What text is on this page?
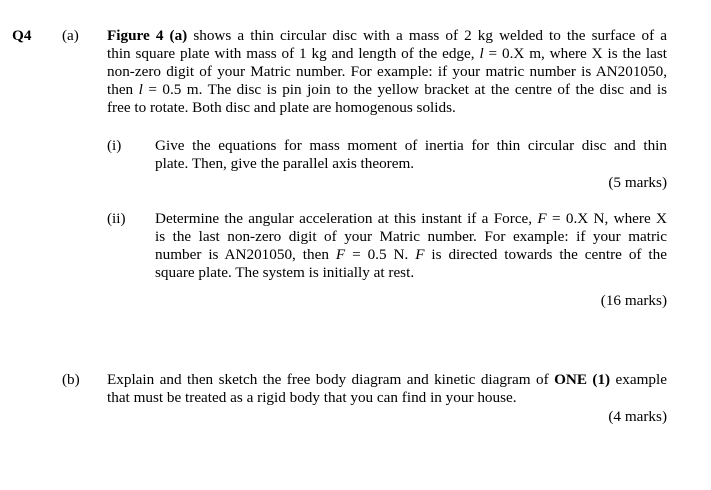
Q4 (a) Figure 4 (a) shows a thin circular disc with a mass of 2 kg welded to the surface of a
thin square plate with mass of 1 kg and length of the edge, l = 0.X m, where X is the last
non-zero digit of your Matric number. For example: if your matric number is AN201050,
then l = 0.5 m. The disc is pin join to the yellow bracket at the centre of the disc and is
free to rotate. Both disc and plate are homogenous solids.
(i) Give the equations for mass moment of inertia for thin circular disc and thin
plate. Then, give the parallel axis theorem.
(5 marks)
(ii) Determine the angular acceleration at this instant if a Force, F = 0.X N, where X
is the last non-zero digit of your Matric number. For example: if your matric
number is AN201050, then F = 0.5 N. F is directed towards the centre of the
square plate. The system is initially at rest.
(16 marks)
(b) Explain and then sketch the free body diagram and kinetic diagram of ONE (1) example
that must be treated as a rigid body that you can find in your house.
(4 marks)
